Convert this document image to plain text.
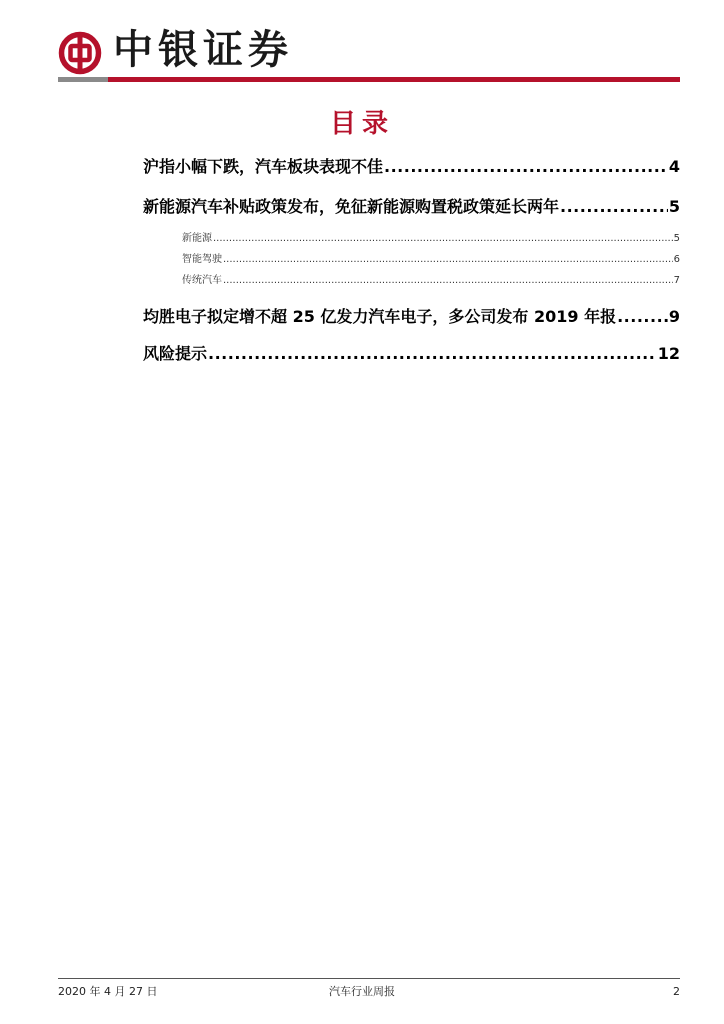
中银证券
目录
沪指小幅下跌，汽车板块表现不佳 .....	4
新能源汽车补贴政策发布，免征新能源购置税政策延长两年 .....	5
新能源 .....	5
智能驾驶 .....	6
传统汽车 .....	7
均胜电子拟定增不超 25 亿发力汽车电子，多公司发布 2019 年报 .....	9
风险提示 .....	12
2020 年 4 月 27 日	汽车行业周报	2
